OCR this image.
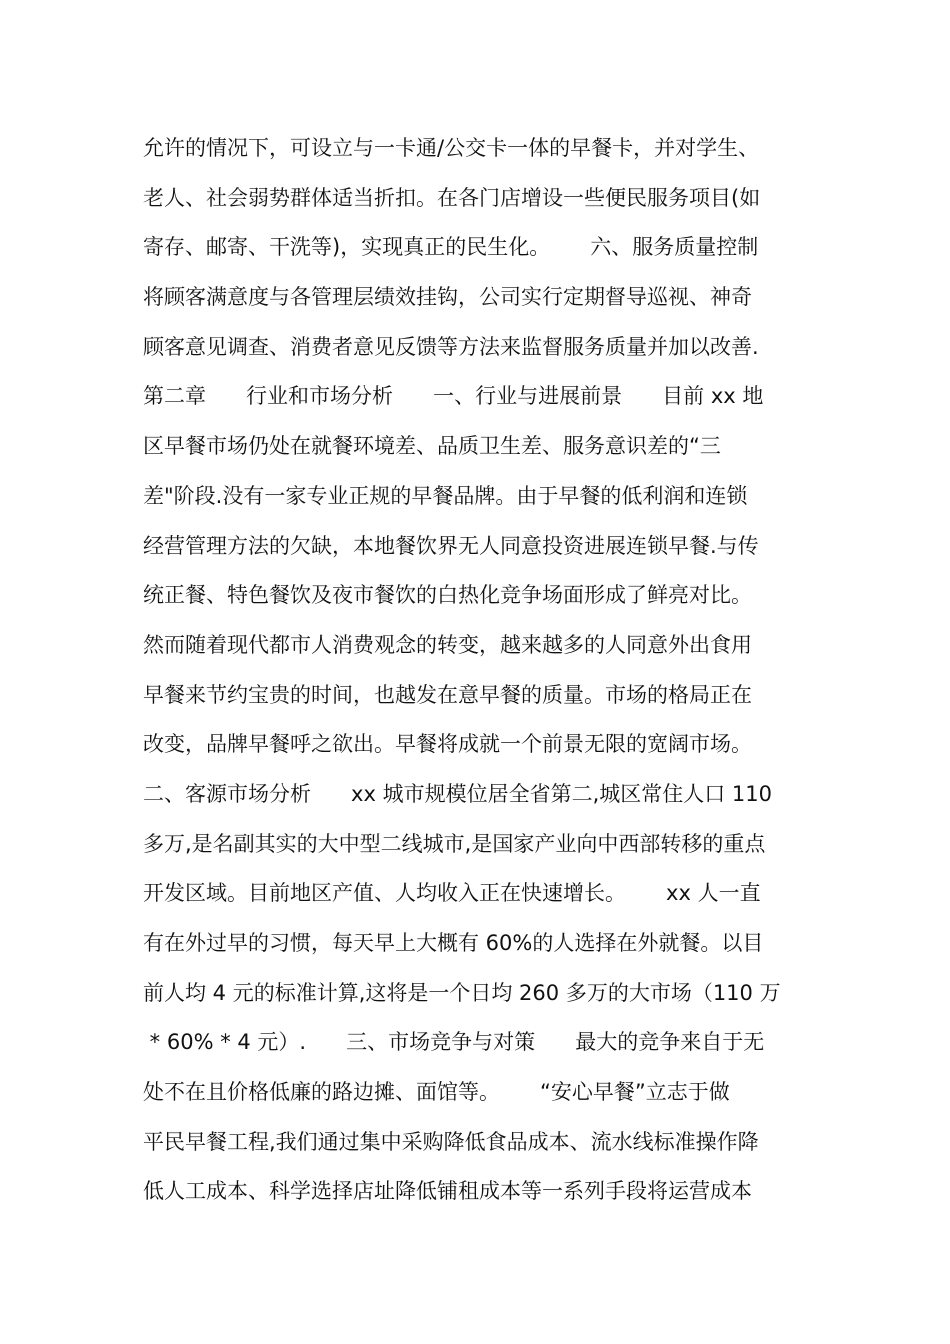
允许的情况下，可设立与一卡通/公交卡一体的早餐卡，并对学生、
老人、社会弱势群体适当折扣。在各门店增设一些便民服务项目(如
寄存、邮寄、干洗等)，实现真正的民生化。      六、服务质量控制
将顾客满意度与各管理层绩效挂钩，公司实行定期督导巡视、神奇
顾客意见调查、消费者意见反馈等方法来监督服务质量并加以改善.
第二章      行业和市场分析      一、行业与进展前景      目前 xx 地
区早餐市场仍处在就餐环境差、品质卫生差、服务意识差的“三
差"阶段.没有一家专业正规的早餐品牌。由于早餐的低利润和连锁
经营管理方法的欠缺，本地餐饮界无人同意投资进展连锁早餐.与传
统正餐、特色餐饮及夜市餐饮的白热化竞争场面形成了鲜亮对比。
然而随着现代都市人消费观念的转变，越来越多的人同意外出食用
早餐来节约宝贵的时间，也越发在意早餐的质量。市场的格局正在
改变，品牌早餐呼之欲出。早餐将成就一个前景无限的宽阔市场。
二、客源市场分析      xx 城市规模位居全省第二,城区常住人口 110
多万,是名副其实的大中型二线城市,是国家产业向中西部转移的重点
开发区域。目前地区产值、人均收入正在快速增长。      xx 人一直
有在外过早的习惯，每天早上大概有 60%的人选择在外就餐。以目
前人均 4 元的标准计算,这将是一个日均 260 多万的大市场（110 万
* 60% * 4 元）.      三、市场竞争与对策      最大的竞争来自于无
处不在且价格低廉的路边摊、面馆等。      “安心早餐”立志于做
平民早餐工程,我们通过集中采购降低食品成本、流水线标准操作降
低人工成本、科学选择店址降低铺租成本等一系列手段将运营成本
